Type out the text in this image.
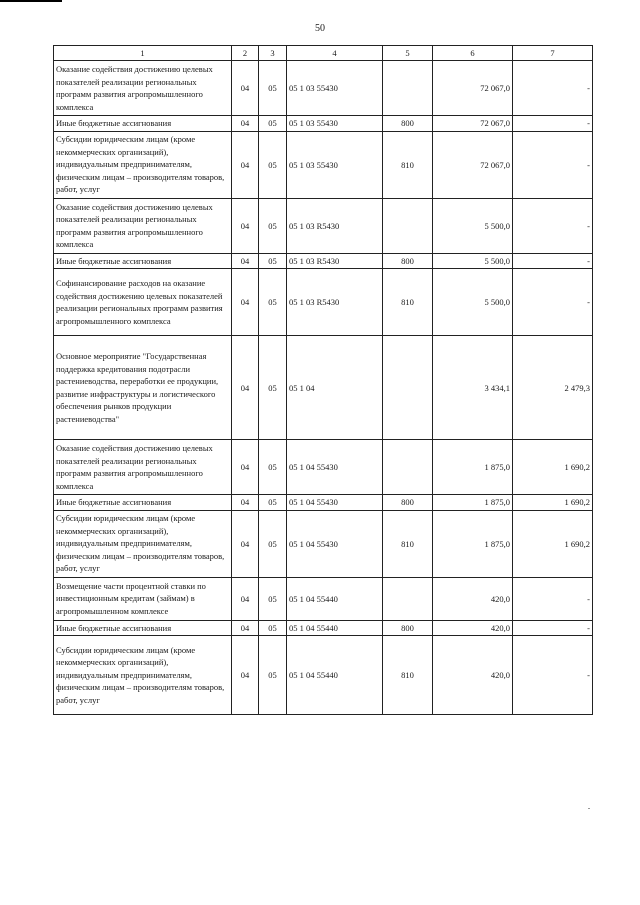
50
1	2	3	4	5	6	7
Оказание содействия достижению целевых показателей реализации региональных программ развития агропромышленного комплекса	04	05	05 1 03 55430		72 067,0	-
Иные бюджетные ассигнования	04	05	05 1 03 55430	800	72 067,0	-
Субсидии юридическим лицам (кроме некоммерческих организаций), индивидуальным предпринимателям, физическим лицам – производителям товаров, работ, услуг	04	05	05 1 03 55430	810	72 067,0	-
Оказание содействия достижению целевых показателей реализации региональных программ развития агропромышленного комплекса	04	05	05 1 03 R5430		5 500,0	-
Иные бюджетные ассигнования	04	05	05 1 03 R5430	800	5 500,0	-
Софинансирование расходов на оказание содействия достижению целевых показателей реализации региональных программ развития агропромышленного комплекса	04	05	05 1 03 R5430	810	5 500,0	-
Основное мероприятие "Государственная поддержка кредитования подотрасли растениеводства, переработки ее продукции, развитие инфраструктуры и логистического обеспечения рынков продукции растениеводства"	04	05	05 1 04		3 434,1	2 479,3
Оказание содействия достижению целевых показателей реализации региональных программ развития агропромышленного комплекса	04	05	05 1 04 55430		1 875,0	1 690,2
Иные бюджетные ассигнования	04	05	05 1 04 55430	800	1 875,0	1 690,2
Субсидии юридическим лицам (кроме некоммерческих организаций), индивидуальным предпринимателям, физическим лицам – производителям товаров, работ, услуг	04	05	05 1 04 55430	810	1 875,0	1 690,2
Возмещение части процентной ставки по инвестиционным кредитам (займам) в агропромышленном комплексе	04	05	05 1 04 55440		420,0	-
Иные бюджетные ассигнования	04	05	05 1 04 55440	800	420,0	-
Субсидии юридическим лицам (кроме некоммерческих организаций), индивидуальным предпринимателям, физическим лицам – производителям товаров, работ, услуг	04	05	05 1 04 55440	810	420,0	-
